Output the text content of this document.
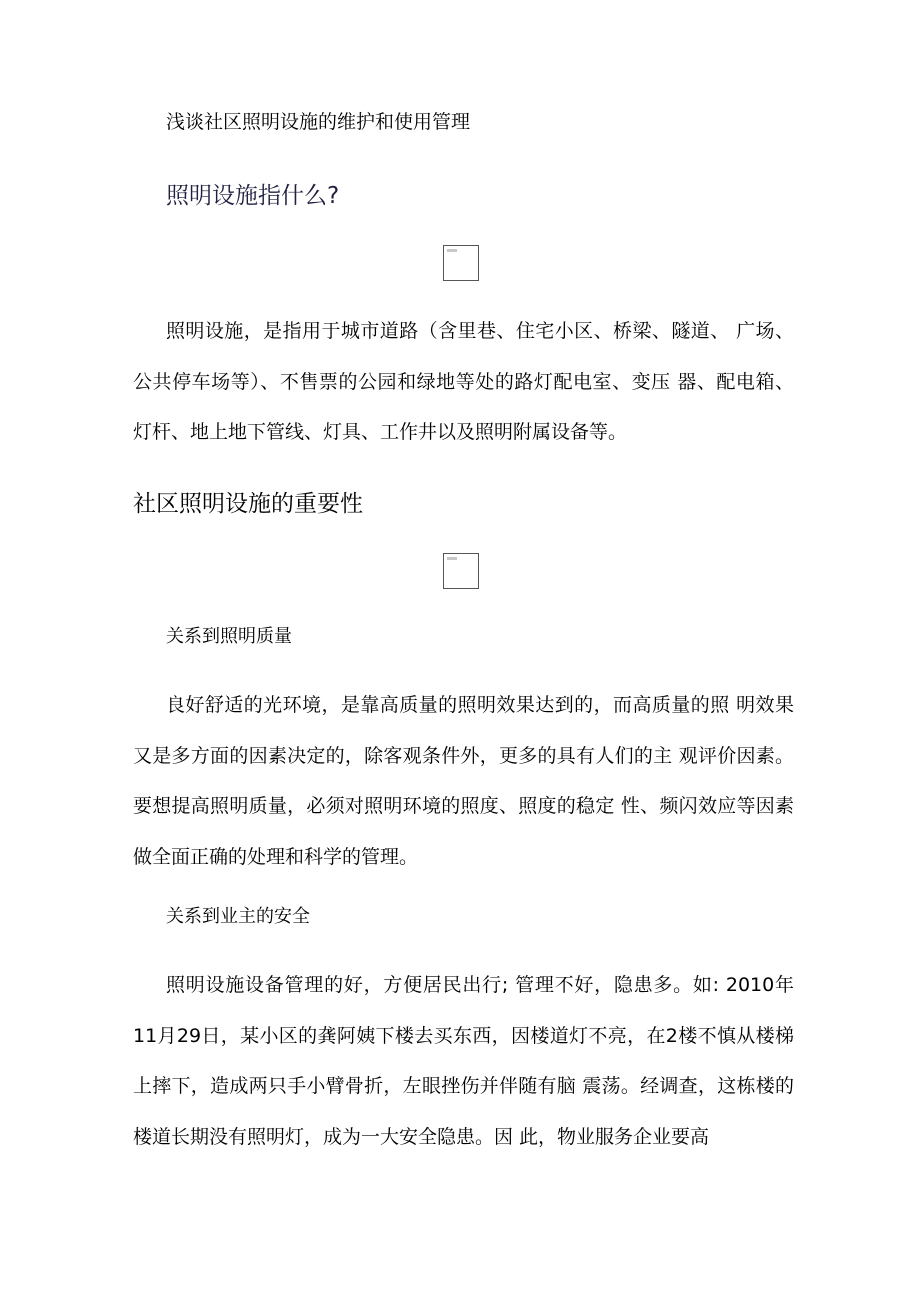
浅谈社区照明设施的维护和使用管理
照明设施指什么?

照明设施，是指用于城市道路（含里巷、住宅小区、桥梁、隧道、 广场、公共停车场等）、不售票的公园和绿地等处的路灯配电室、变压 器、配电箱、灯杆、地上地下管线、灯具、工作井以及照明附属设备等。

社区照明设施的重要性
关系到照明质量

良好舒适的光环境，是靠高质量的照明效果达到的，而高质量的照 明效果又是多方面的因素决定的，除客观条件外，更多的具有人们的主 观评价因素。要想提高照明质量，必须对照明环境的照度、照度的稳定 性、频闪效应等因素做全面正确的处理和科学的管理。

关系到业主的安全

照明设施设备管理的好，方便居民出行; 管理不好，隐患多。如: 2010年11月29日，某小区的龚阿姨下楼去买东西，因楼道灯不亮，在2楼不慎从楼梯上摔下，造成两只手小臂骨折，左眼挫伤并伴随有脑 震荡。经调查，这栋楼的楼道长期没有照明灯，成为一大安全隐患。因 此，物业服务企业要高
